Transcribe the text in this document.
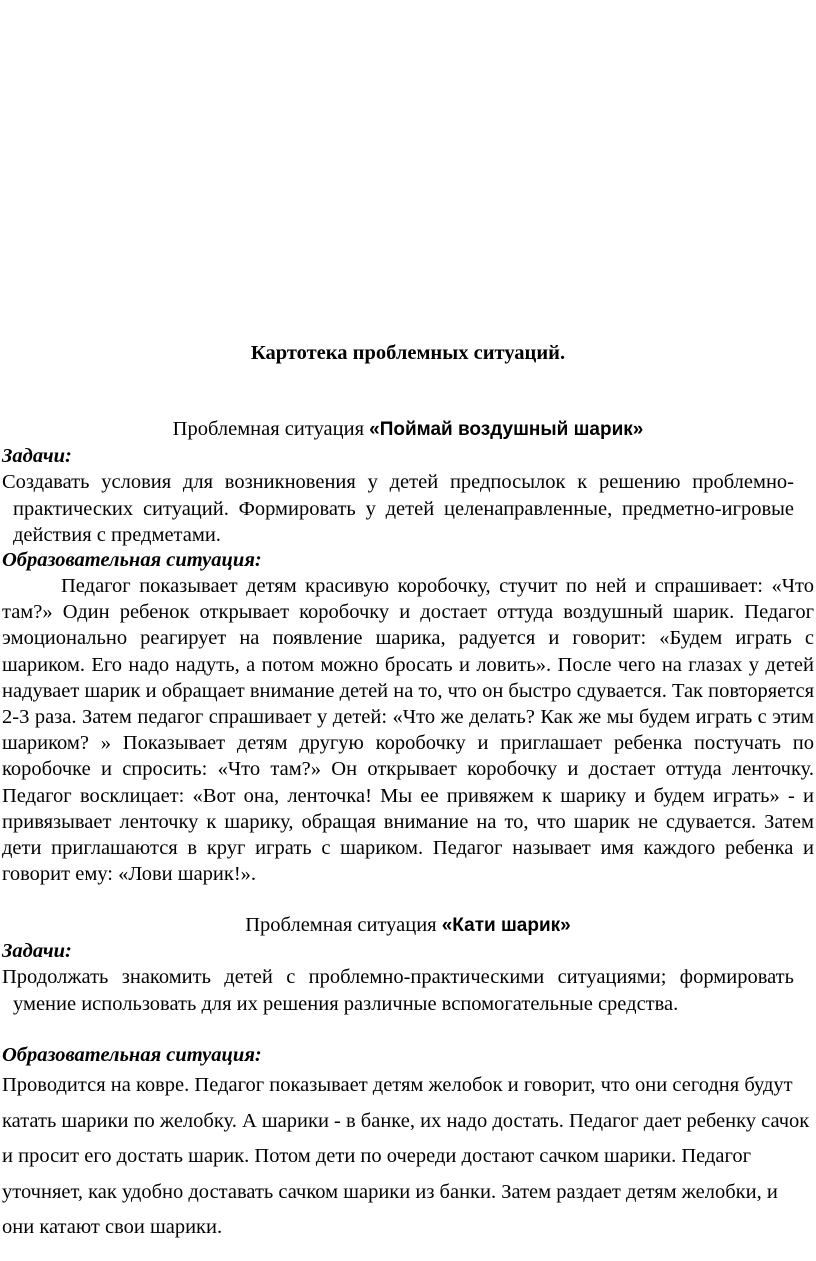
Картотека проблемных ситуаций.

Проблемная ситуация «Поймай воздушный шарик»

Задачи:

Создавать условия для возникновения у детей предпосылок к решению проблемно-практических ситуаций. Формировать у детей целенаправленные, предметно-игровые действия с предметами.

Образовательная ситуация:

Педагог показывает детям красивую коробочку, стучит по ней и спрашивает: «Что там?» Один ребенок открывает коробочку и достает оттуда воздушный шарик. Педагог эмоционально реагирует на появление шарика, радуется и говорит: «Будем играть с шариком. Его надо надуть, а потом можно бросать и ловить». После чего на глазах у детей надувает шарик и обращает внимание детей на то, что он быстро сдувается. Так повторяется 2-3 раза. Затем педагог спрашивает у детей: «Что же делать? Как же мы будем играть с этим шариком? » Показывает детям другую коробочку и приглашает ребенка постучать по коробочке и спросить: «Что там?» Он открывает коробочку и достает оттуда ленточку. Педагог восклицает: «Вот она, ленточка! Мы ее привяжем к шарику и будем играть» - и привязывает ленточку к шарику, обращая внимание на то, что шарик не сдувается. Затем дети приглашаются в круг играть с шариком. Педагог называет имя каждого ребенка и говорит ему: «Лови шарик!».

Проблемная ситуация «Кати шарик»

Задачи:

Продолжать знакомить детей с проблемно-практическими ситуациями; формировать умение использовать для их решения различные вспомогательные средства.

Образовательная ситуация:

Проводится на ковре. Педагог показывает детям желобок и говорит, что они сегодня будут катать шарики по желобку. А шарики - в банке, их надо достать. Педагог дает ребенку сачок и просит его достать шарик. Потом дети по очереди достают сачком шарики. Педагог уточняет, как удобно доставать сачком шарики из банки. Затем раздает детям желобки, и они катают свои шарики.
